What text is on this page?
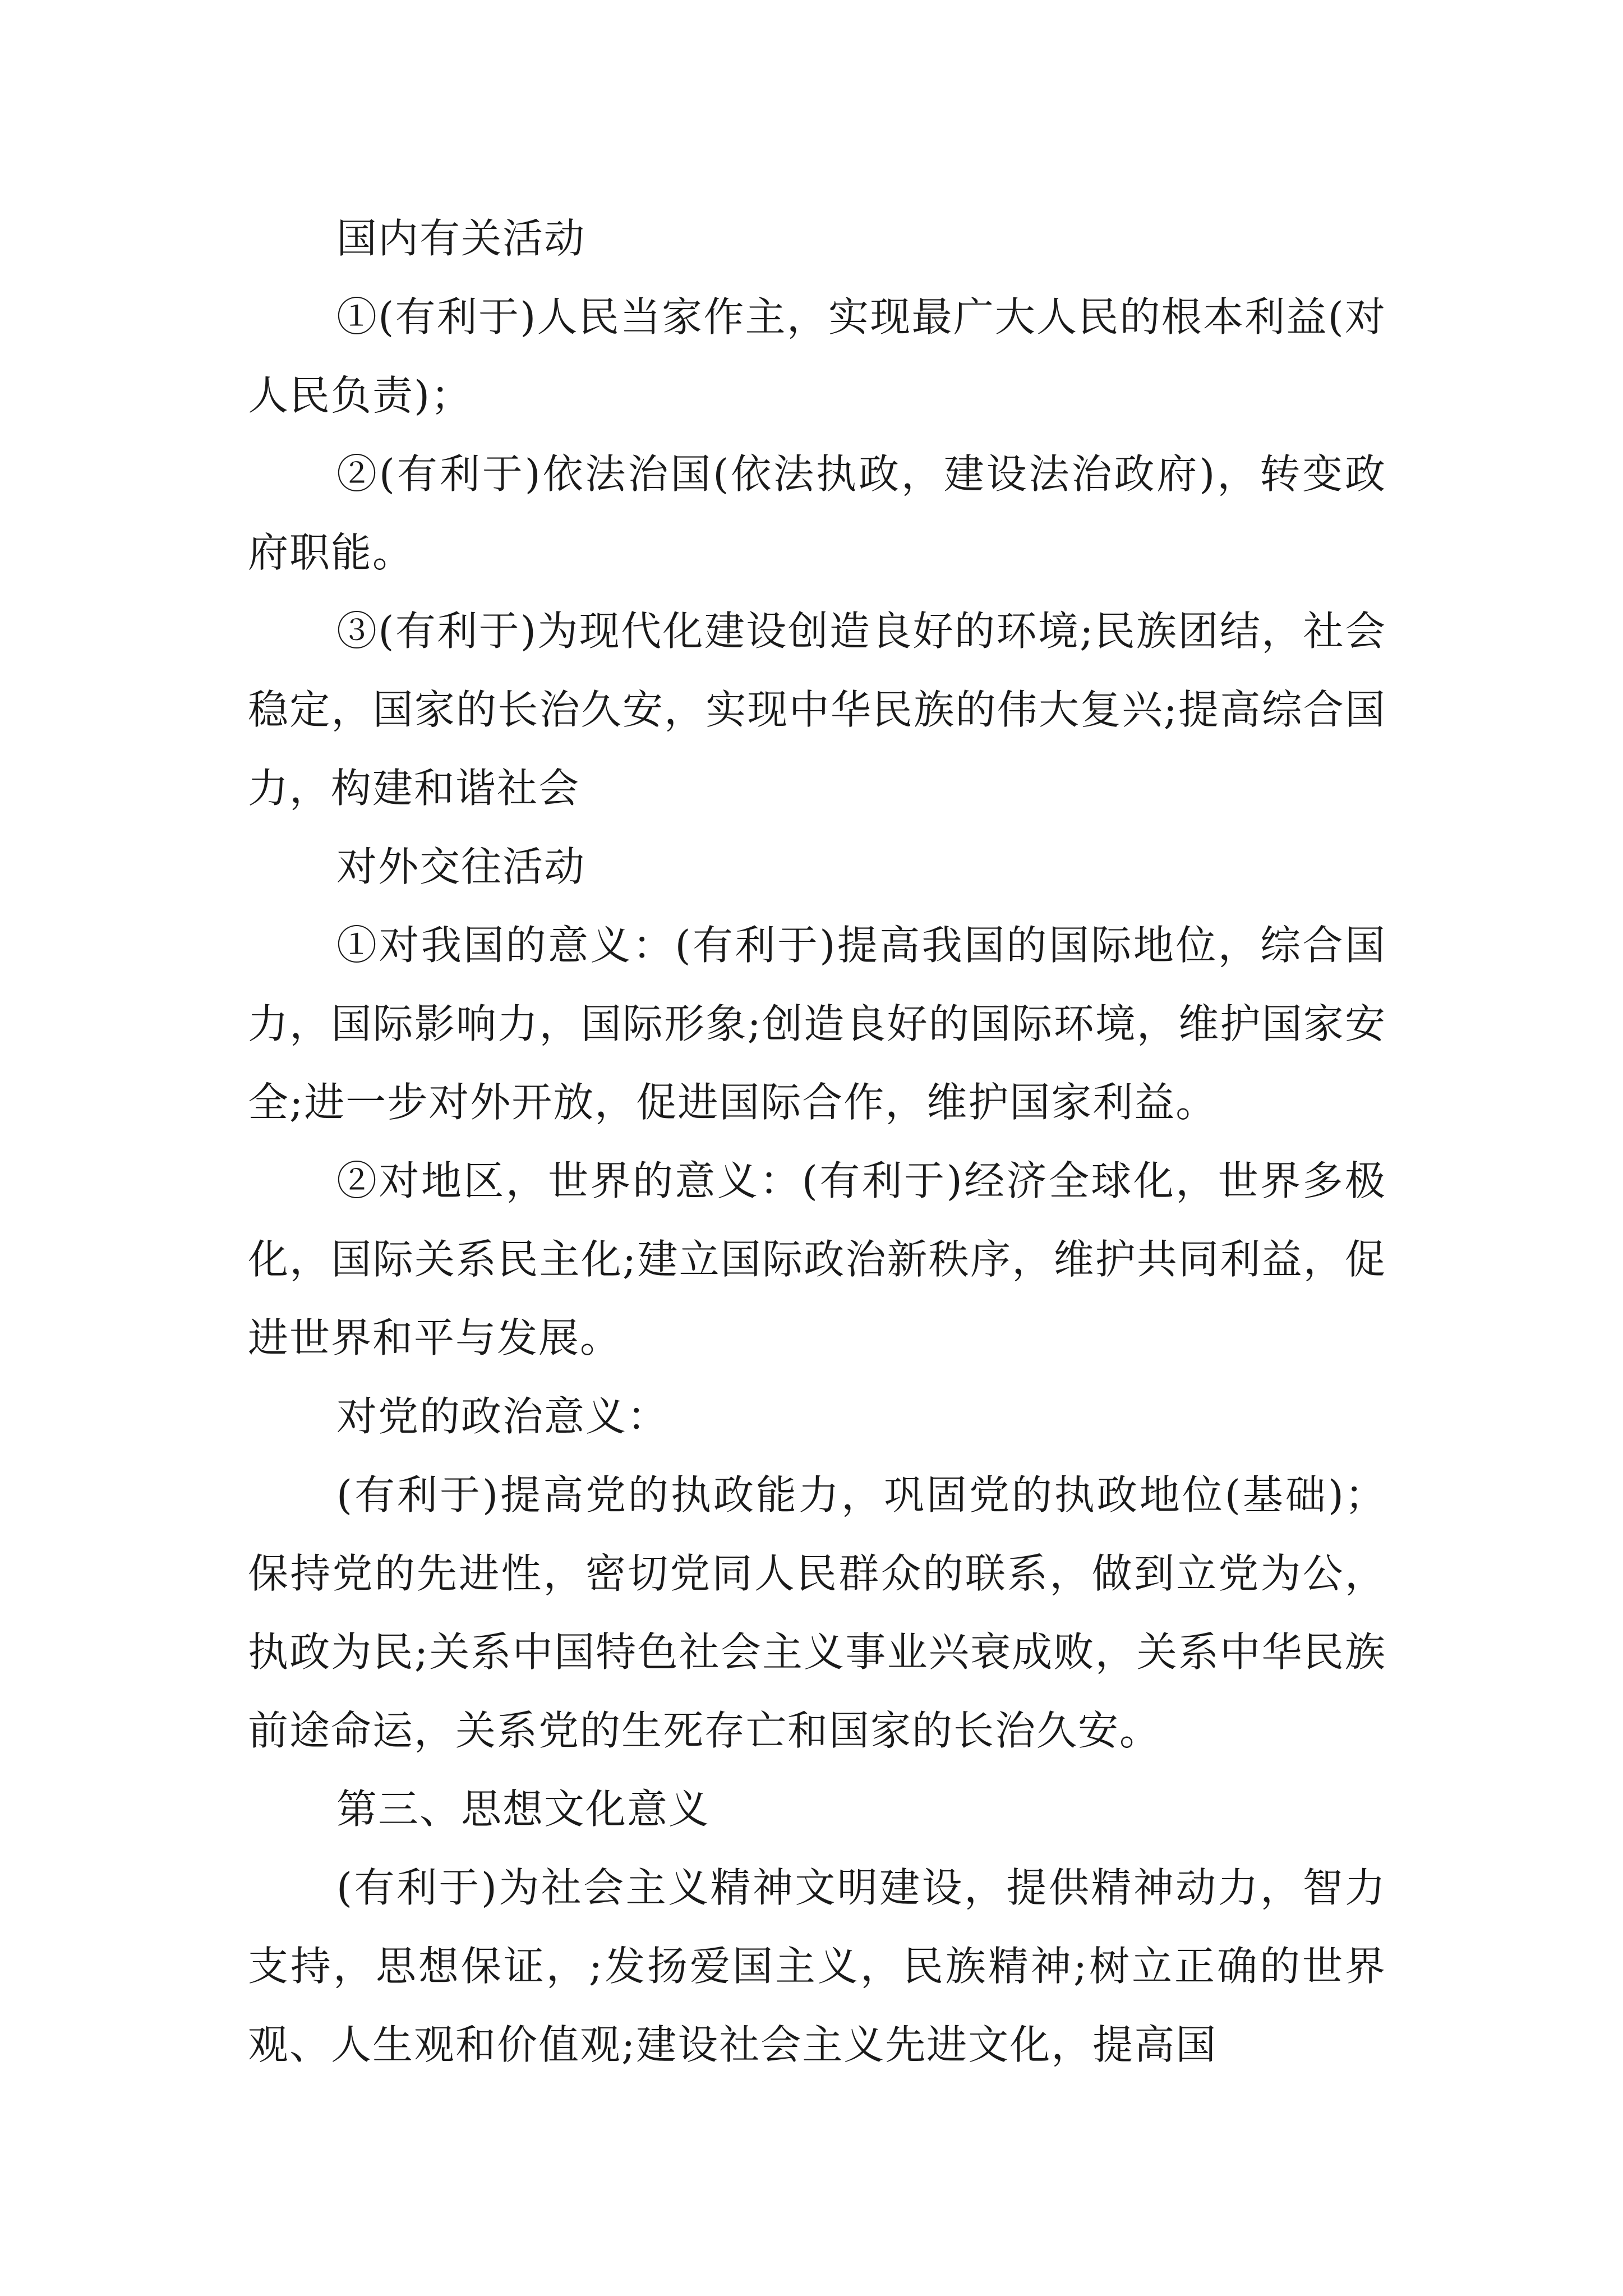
国内有关活动

①(有利于)人民当家作主，实现最广大人民的根本利益(对人民负责)；

②(有利于)依法治国(依法执政，建设法治政府)，转变政府职能。

③(有利于)为现代化建设创造良好的环境;民族团结，社会稳定，国家的长治久安，实现中华民族的伟大复兴;提高综合国力，构建和谐社会

对外交往活动

①对我国的意义：(有利于)提高我国的国际地位，综合国力，国际影响力，国际形象;创造良好的国际环境，维护国家安全;进一步对外开放，促进国际合作，维护国家利益。

②对地区，世界的意义：(有利于)经济全球化，世界多极化，国际关系民主化;建立国际政治新秩序，维护共同利益，促进世界和平与发展。

对党的政治意义：

(有利于)提高党的执政能力，巩固党的执政地位(基础)；保持党的先进性，密切党同人民群众的联系，做到立党为公，执政为民;关系中国特色社会主义事业兴衰成败，关系中华民族前途命运，关系党的生死存亡和国家的长治久安。

第三、思想文化意义

(有利于)为社会主义精神文明建设，提供精神动力，智力支持，思想保证，;发扬爱国主义，民族精神;树立正确的世界观、人生观和价值观;建设社会主义先进文化，提高国
